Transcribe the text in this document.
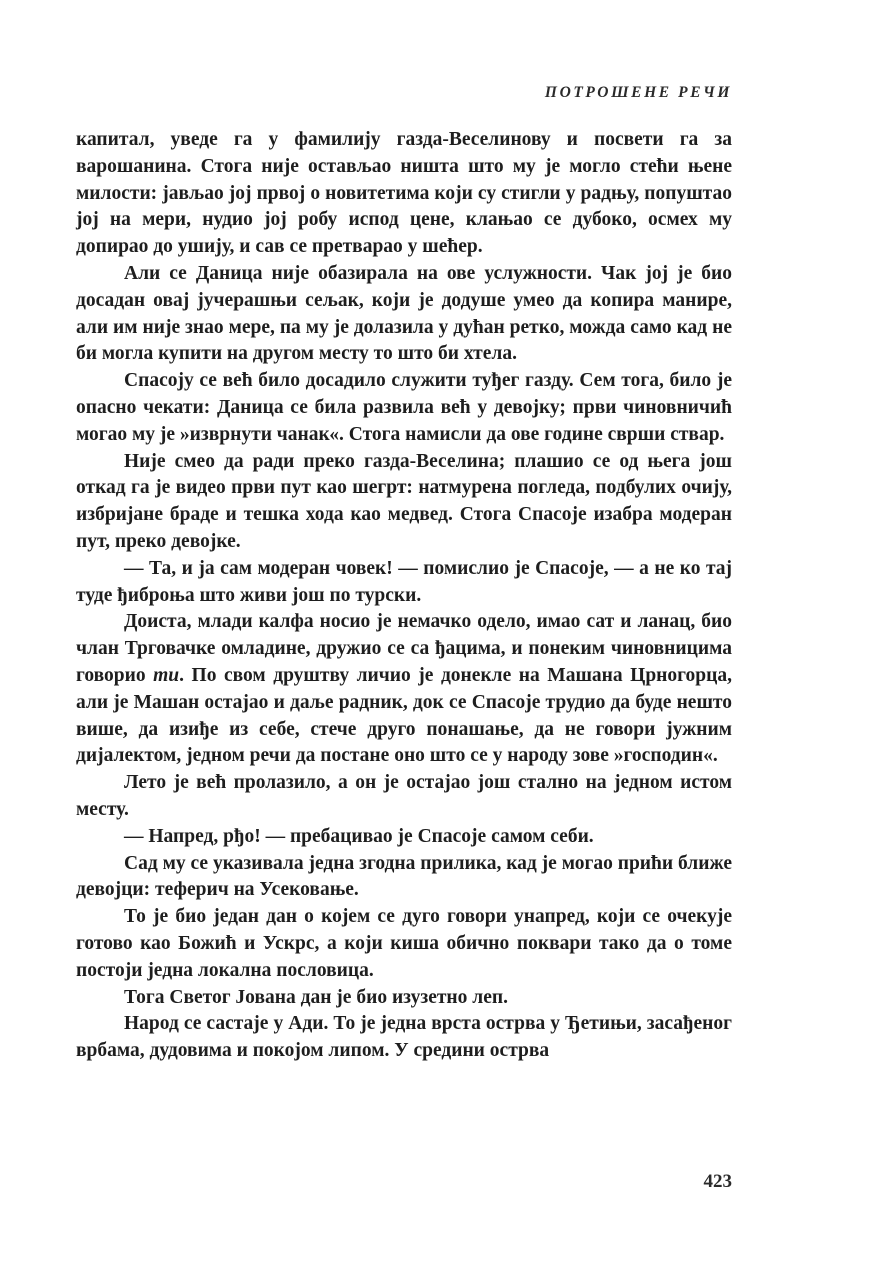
ПОТРОШЕНЕ РЕЧИ

капитал, уведе га у фамилију газда-Веселинову и посвети га за варошанина. Стога није остављао ништа што му је могло стећи њене милости: јављао јој првој о новитетима који су стигли у радњу, попуштао јој на мери, нудио јој робу испод цене, клањао се дубоко, осмех му допирао до ушију, и сав се претварао у шећер.

Али се Даница није обазирала на ове услужности. Чак јој је био досадан овај јучерашњи сељак, који је додуше умео да копира манире, али им није знао мере, па му је долазила у дућан ретко, можда само кад не би могла купити на другом месту то што би хтела.

Спасоју се већ било досадило служити туђег газду. Сем тога, било је опасно чекати: Даница се била развила већ у девојку; први чиновничић могао му је »изврнути чанак«. Стога намисли да ове године сврши ствар.

Није смео да ради преко газда-Веселина; плашио се од њега још откад га је видео први пут као шегрт: натмурена погледа, подбулих очију, избријане браде и тешка хода као медвед. Стога Спасоје изабра модеран пут, преко девојке.

— Та, и ја сам модеран човек! — помислио је Спасоје, — а не ко тај туде ђиброња што живи још по турски.

Доиста, млади калфа носио је немачко одело, имао сат и ланац, био члан Трговачке омладине, дружио се са ђацима, и понеким чиновницима говорио ти. По свом друштву личио је донекле на Машана Црногорца, али је Машан остајао и даље радник, док се Спасоје трудио да буде нешто више, да изиђе из себе, стече друго понашање, да не говори јужним дијалектом, једном речи да постане оно што се у народу зове »господин«.

Лето је већ пролазило, а он је остајао још стално на једном истом месту.

— Напред, рђо! — пребацивао је Спасоје самом себи.

Сад му се указивала једна згодна прилика, кад је могао прићи ближе девојци: теферич на Усековање.

То је био један дан о којем се дуго говори унапред, који се очекује готово као Божић и Ускрс, а који киша обично поквари тако да о томе постоји једна локална пословица.

Тога Светог Јована дан је био изузетно леп.

Народ се састаје у Ади. То је једна врста острва у Ђетињи, засађеног врбама, дудовима и покојом липом. У средини острва

423
